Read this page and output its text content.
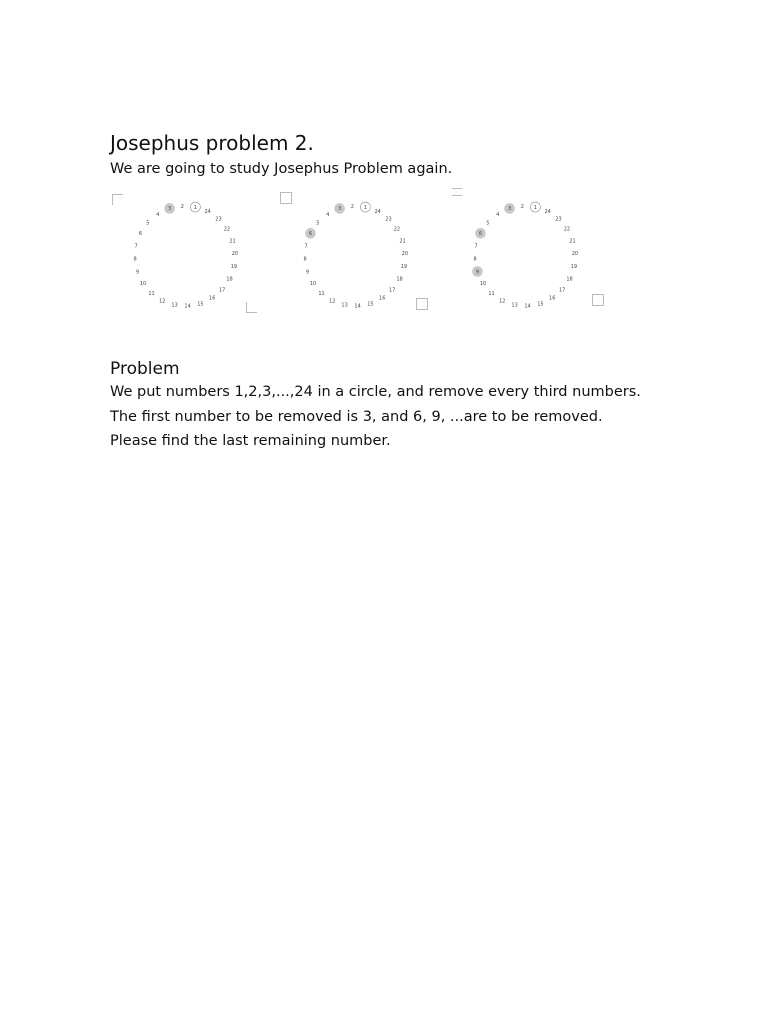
Josephus problem 2.

We are going to study Josephus Problem again.

1
2
3
4
5
6
7
8
9
10
11
12
13 14 15
16
17
18
19
20
21
22
23
24
1
2
3
4
5
6
7
8
9
10
11
12
13 14 15
16
17
18
19
20
21
22
23
24
1
2
3
4
5
6
7
8
9
10
11
12
13 14 15
16
17
18
19
20
21
22
23
24
Problem

We put numbers 1,2,3,...,24 in a circle, and remove every third numbers.

The first number to be removed is 3, and 6, 9, ...are to be removed.

Please find the last remaining number.
